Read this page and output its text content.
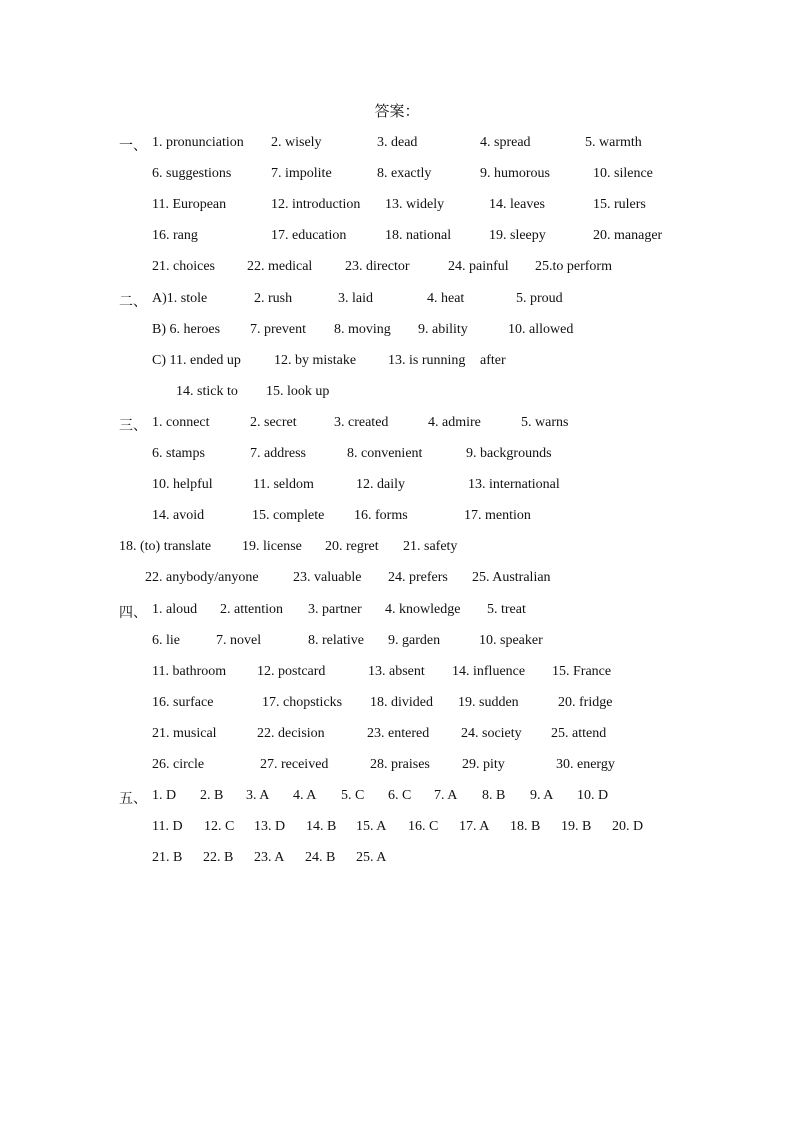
答案：
一、 1. pronunciation 2. wisely	3. dead	4. spread	5. warmth
6. suggestions	7. impolite	8. exactly	9. humorous	10. silence
11. European	12. introduction 13. widely	14. leaves	15. rulers
16. rang	17. education	18. national	19. sleepy	20. manager
21. choices 22. medical 23. director	24. painful 25.to perform
二、 A)1. stole	2. rush	3. laid	4. heat	5. proud
B) 6. heroes 7. prevent 8. moving 9. ability	10. allowed
C) 11. ended up 12. by mistake 13. is running after
14. stick to 15. look up
三、 1. connect	2. secret	3. created	4. admire	5. warns
6. stamps	7. address	8. convenient	9. backgrounds
10. helpful	11. seldom	12. daily	13. international
14. avoid	15. complete 16. forms	17. mention
18. (to) translate 19. license 20. regret 21. safety
22. anybody/anyone 23. valuable 24. prefers 25. Australian
四、 1. aloud 2. attention 3. partner 4. knowledge 5. treat
6. lie	7. novel	8. relative 9. garden	10. speaker
11. bathroom 12. postcard	13. absent 14. influence 15. France
16. surface	17. chopsticks 18. divided 19. sudden	20. fridge
21. musical	22. decision	23. entered 24. society 25. attend
26. circle	27. received	28. praises 29. pity	30. energy
五、 1. D 2. B 3. A 4. A 5. C 6. C 7. A 8. B 9. A 10. D
11. D 12. C 13. D 14. B 15. A 16. C 17. A 18. B 19. B 20. D
21. B 22. B 23. A 24. B 25. A
